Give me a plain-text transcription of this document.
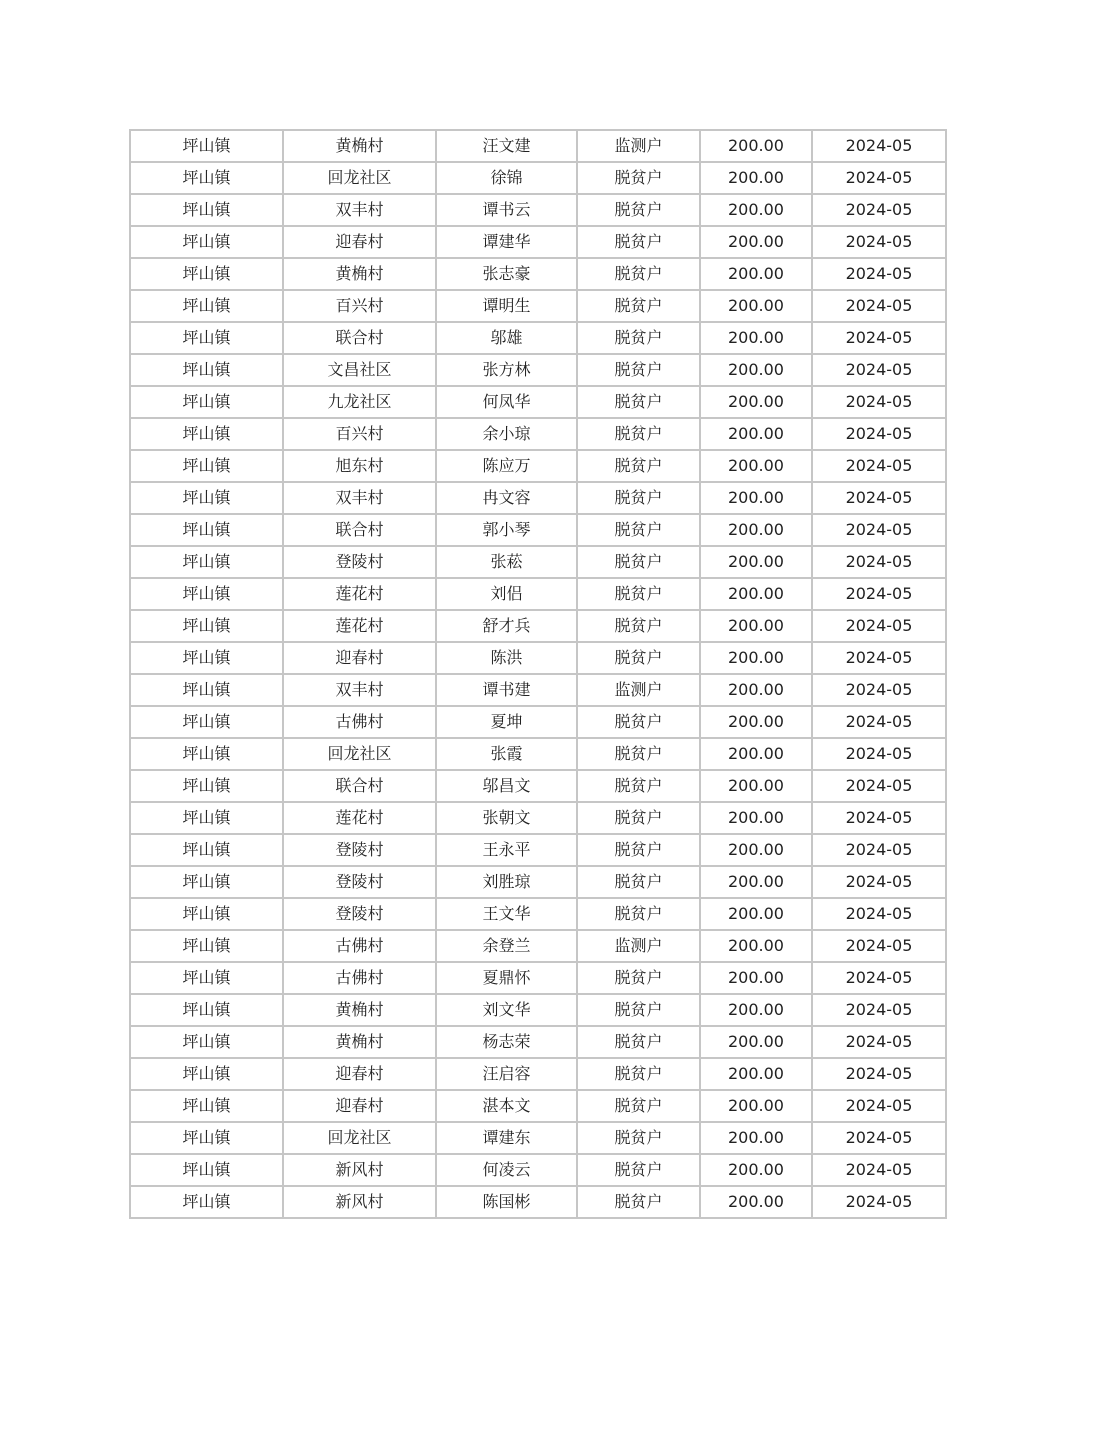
坪山镇	黄桷村	汪文建	监测户	200.00	2024-05
坪山镇	回龙社区	徐锦	脱贫户	200.00	2024-05
坪山镇	双丰村	谭书云	脱贫户	200.00	2024-05
坪山镇	迎春村	谭建华	脱贫户	200.00	2024-05
坪山镇	黄桷村	张志豪	脱贫户	200.00	2024-05
坪山镇	百兴村	谭明生	脱贫户	200.00	2024-05
坪山镇	联合村	邬雄	脱贫户	200.00	2024-05
坪山镇	文昌社区	张方林	脱贫户	200.00	2024-05
坪山镇	九龙社区	何凤华	脱贫户	200.00	2024-05
坪山镇	百兴村	余小琼	脱贫户	200.00	2024-05
坪山镇	旭东村	陈应万	脱贫户	200.00	2024-05
坪山镇	双丰村	冉文容	脱贫户	200.00	2024-05
坪山镇	联合村	郭小琴	脱贫户	200.00	2024-05
坪山镇	登陵村	张菘	脱贫户	200.00	2024-05
坪山镇	莲花村	刘侣	脱贫户	200.00	2024-05
坪山镇	莲花村	舒才兵	脱贫户	200.00	2024-05
坪山镇	迎春村	陈洪	脱贫户	200.00	2024-05
坪山镇	双丰村	谭书建	监测户	200.00	2024-05
坪山镇	古佛村	夏坤	脱贫户	200.00	2024-05
坪山镇	回龙社区	张霞	脱贫户	200.00	2024-05
坪山镇	联合村	邬昌文	脱贫户	200.00	2024-05
坪山镇	莲花村	张朝文	脱贫户	200.00	2024-05
坪山镇	登陵村	王永平	脱贫户	200.00	2024-05
坪山镇	登陵村	刘胜琼	脱贫户	200.00	2024-05
坪山镇	登陵村	王文华	脱贫户	200.00	2024-05
坪山镇	古佛村	余登兰	监测户	200.00	2024-05
坪山镇	古佛村	夏鼎怀	脱贫户	200.00	2024-05
坪山镇	黄桷村	刘文华	脱贫户	200.00	2024-05
坪山镇	黄桷村	杨志荣	脱贫户	200.00	2024-05
坪山镇	迎春村	汪启容	脱贫户	200.00	2024-05
坪山镇	迎春村	湛本文	脱贫户	200.00	2024-05
坪山镇	回龙社区	谭建东	脱贫户	200.00	2024-05
坪山镇	新风村	何凌云	脱贫户	200.00	2024-05
坪山镇	新风村	陈国彬	脱贫户	200.00	2024-05
